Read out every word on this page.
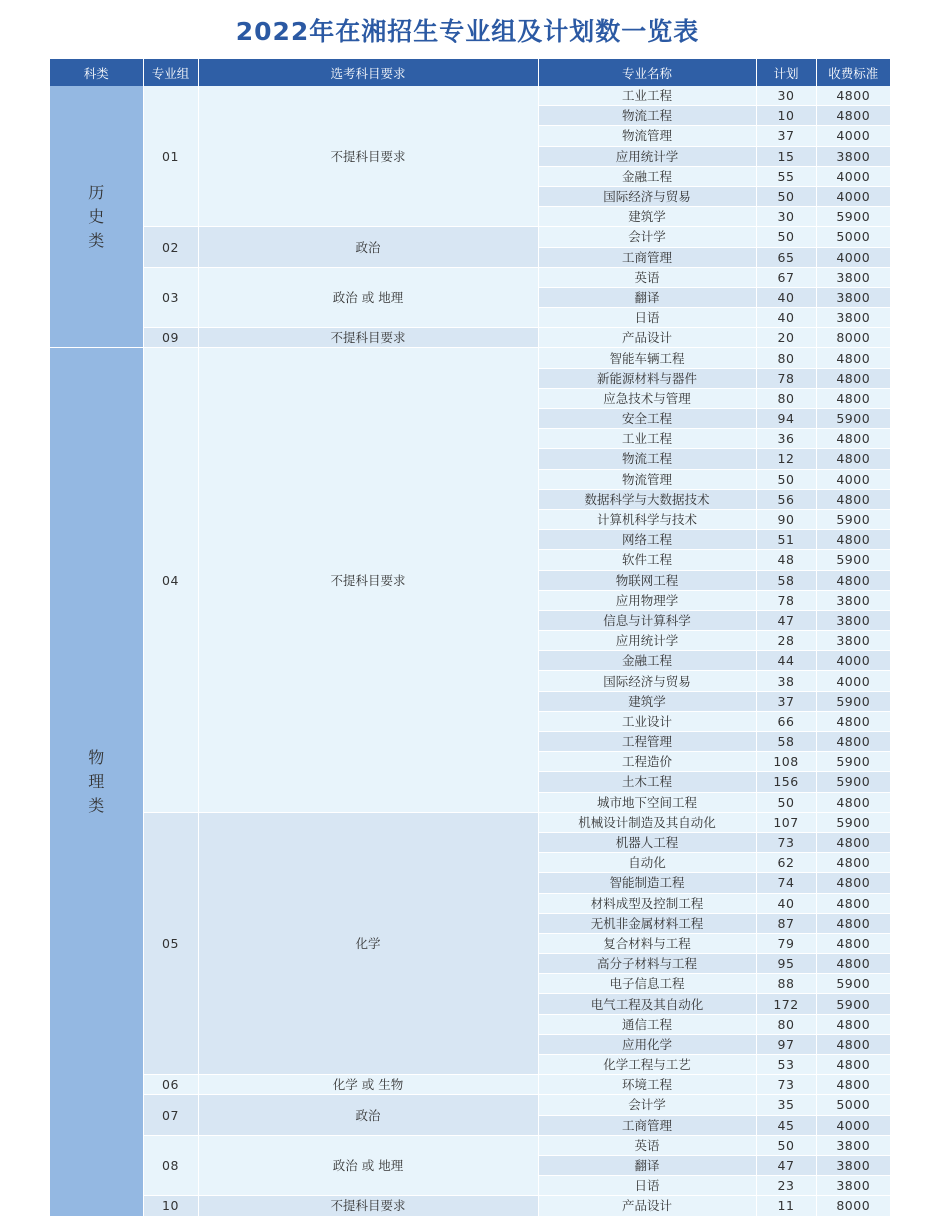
2022年在湘招生专业组及计划数一览表
科类	专业组	选考科目要求	专业名称	计划	收费标准

历
史
类	01	不提科目要求	工业工程	30	4800
			物流工程	10	4800
			物流管理	37	4000
			应用统计学	15	3800
			金融工程	55	4000
			国际经济与贸易	50	4000
			建筑学	30	5900
	02	政治	会计学	50	5000
			工商管理	65	4000
	03	政治 或 地理	英语	67	3800
			翻译	40	3800
			日语	40	3800
	09	不提科目要求	产品设计	20	8000

物
理
类	04	不提科目要求	智能车辆工程	80	4800
			新能源材料与器件	78	4800
			应急技术与管理	80	4800
			安全工程	94	5900
			工业工程	36	4800
			物流工程	12	4800
			物流管理	50	4000
			数据科学与大数据技术	56	4800
			计算机科学与技术	90	5900
			网络工程	51	4800
			软件工程	48	5900
			物联网工程	58	4800
			应用物理学	78	3800
			信息与计算科学	47	3800
			应用统计学	28	3800
			金融工程	44	4000
			国际经济与贸易	38	4000
			建筑学	37	5900
			工业设计	66	4800
			工程管理	58	4800
			工程造价	108	5900
			土木工程	156	5900
			城市地下空间工程	50	4800
	05	化学	机械设计制造及其自动化	107	5900
			机器人工程	73	4800
			自动化	62	4800
			智能制造工程	74	4800
			材料成型及控制工程	40	4800
			无机非金属材料工程	87	4800
			复合材料与工程	79	4800
			高分子材料与工程	95	4800
			电子信息工程	88	5900
			电气工程及其自动化	172	5900
			通信工程	80	4800
			应用化学	97	4800
			化学工程与工艺	53	4800
	06	化学 或 生物	环境工程	73	4800
	07	政治	会计学	35	5000
			工商管理	45	4000
	08	政治 或 地理	英语	50	3800
			翻译	47	3800
			日语	23	3800
	10	不提科目要求	产品设计	11	8000
